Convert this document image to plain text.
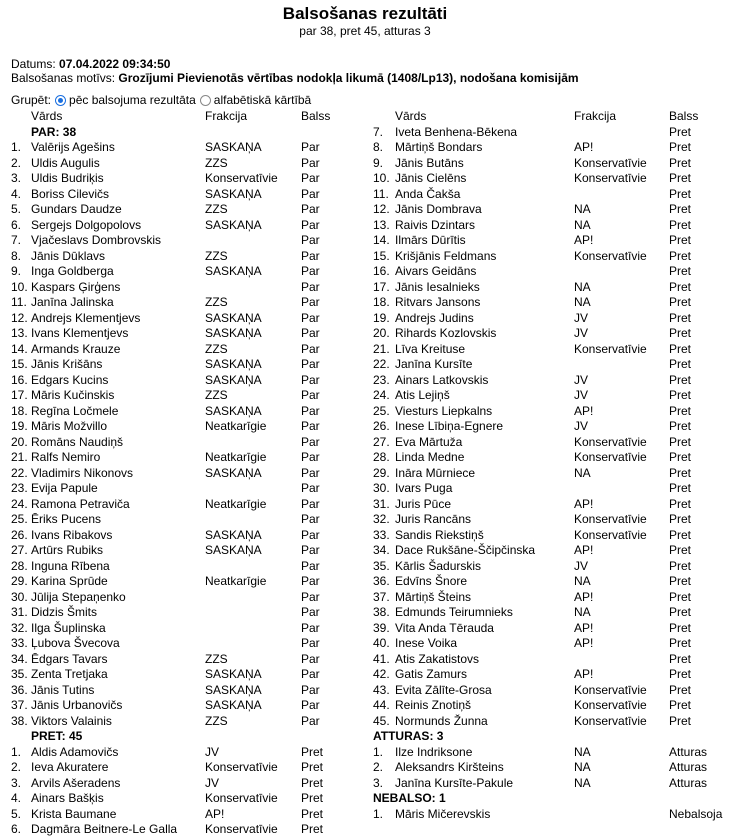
Balsošanas rezultāti
par 38, pret 45, atturas 3
Datums: 07.04.2022 09:34:50
Balsošanas motīvs: Grozījumi Pievienotās vērtības nodokļa likumā (1408/Lp13), nodošana komisijām
Grupēt: pēc balsojuma rezultāta alfabētiskā kārtībā
Vārds	Frakcija	Balss
PAR: 38
1. Valērijs Agešins	SASKAŅA	Par
2. Uldis Augulis	ZZS	Par
3. Uldis Budriķis	Konservatīvie Par
4. Boriss Cilevičs	SASKAŅA	Par
5. Gundars Daudze	ZZS	Par
6. Sergejs Dolgopolovs	SASKAŅA	Par
7. Vjačeslavs Dombrovskis	Par
8. Jānis Dūklavs	ZZS	Par
9. Inga Goldberga	SASKAŅA	Par
10. Kaspars Ģirģens	Par
11. Janīna Jalinska	ZZS	Par
12. Andrejs Klementjevs	SASKAŅA	Par
13. Ivans Klementjevs	SASKAŅA	Par
14. Armands Krauze	ZZS	Par
15. Jānis Krišāns	SASKAŅA	Par
16. Edgars Kucins	SASKAŅA	Par
17. Māris Kučinskis	ZZS	Par
18. Regīna Ločmele	SASKAŅA	Par
19. Māris Možvillo	Neatkarīgie	Par
20. Romāns Naudiņš	Par
21. Ralfs Nemiro	Neatkarīgie	Par
22. Vladimirs Nikonovs	SASKAŅA	Par
23. Evija Papule	Par
24. Ramona Petraviča	Neatkarīgie	Par
25. Ēriks Pucens	Par
26. Ivans Ribakovs	SASKAŅA	Par
27. Artūrs Rubiks	SASKAŅA	Par
28. Inguna Rībena	Par
29. Karina Sprūde	Neatkarīgie	Par
30. Jūlija Stepaņenko	Par
31. Didzis Šmits	Par
32. Ilga Šuplinska	Par
33. Ļubova Švecova	Par
34. Ēdgars Tavars	ZZS	Par
35. Zenta Tretjaka	SASKAŅA	Par
36. Jānis Tutins	SASKAŅA	Par
37. Jānis Urbanovičs	SASKAŅA	Par
38. Viktors Valainis	ZZS	Par
PRET: 45
1. Aldis Adamovičs	JV	Pret
2. Ieva Akuratere	Konservatīvie Pret
3. Arvils Ašeradens	JV	Pret
4. Ainars Bašķis	Konservatīvie Pret
5. Krista Baumane	AP!	Pret
6. Dagmāra Beitnere-Le Galla Konservatīvie Pret
Vārds	Frakcija	Balss
7. Iveta Benhena-Bēkena	Pret
8. Mārtiņš Bondars	AP!	Pret
9. Jānis Butāns	Konservatīvie Pret
10. Jānis Cielēns	Konservatīvie Pret
11. Anda Čakša	Pret
12. Jānis Dombrava	NA	Pret
13. Raivis Dzintars	NA	Pret
14. Ilmārs Dūrītis	AP!	Pret
15. Krišjānis Feldmans	Konservatīvie Pret
16. Aivars Geidāns	Pret
17. Jānis Iesalnieks	NA	Pret
18. Ritvars Jansons	NA	Pret
19. Andrejs Judins	JV	Pret
20. Rihards Kozlovskis	JV	Pret
21. Līva Kreituse	Konservatīvie Pret
22. Janīna Kursīte	Pret
23. Ainars Latkovskis	JV	Pret
24. Atis Lejiņš	JV	Pret
25. Viesturs Liepkalns	AP!	Pret
26. Inese Lībiņa-Egnere	JV	Pret
27. Eva Mārtuža	Konservatīvie Pret
28. Linda Medne	Konservatīvie Pret
29. Ināra Mūrniece	NA	Pret
30. Ivars Puga	Pret
31. Juris Pūce	AP!	Pret
32. Juris Rancāns	Konservatīvie Pret
33. Sandis Riekstiņš	Konservatīvie Pret
34. Dace Rukšāne-Ščipčinska	AP!	Pret
35. Kārlis Šadurskis	JV	Pret
36. Edvīns Šnore	NA	Pret
37. Mārtiņš Šteins	AP!	Pret
38. Edmunds Teirumnieks	NA	Pret
39. Vita Anda Tērauda	AP!	Pret
40. Inese Voika	AP!	Pret
41. Atis Zakatistovs	Pret
42. Gatis Zamurs	AP!	Pret
43. Evita Zālīte-Grosa	Konservatīvie Pret
44. Reinis Znotiņš	Konservatīvie Pret
45. Normunds Žunna	Konservatīvie Pret
ATTURAS: 3
1. Ilze Indriksone	NA	Atturas
2. Aleksandrs Kiršteins	NA	Atturas
3. Janīna Kursīte-Pakule	NA	Atturas
NEBALSO: 1
1. Māris Mičerevskis	Nebalsoja
